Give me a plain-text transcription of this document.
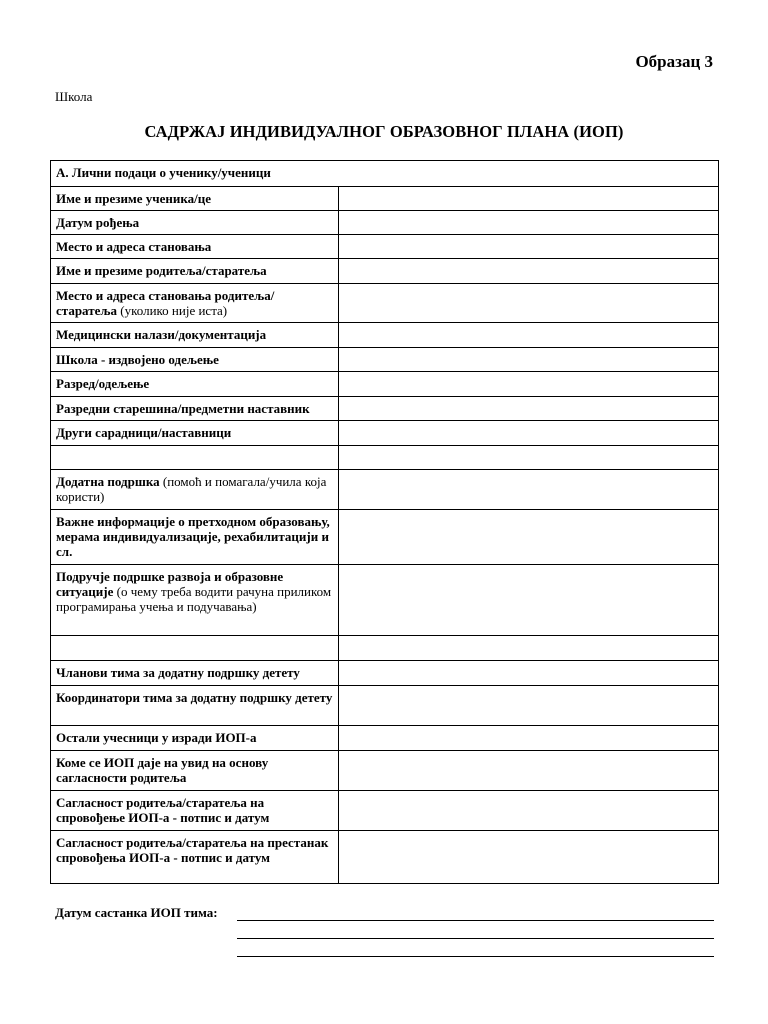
Образац 3
Школа
САДРЖАЈ ИНДИВИДУАЛНОГ ОБРАЗОВНОГ ПЛАНА (ИОП)
А. Лични подаци о ученику/ученици	
Име и презиме ученика/це	
Датум рођења	
Место и адреса становања	
Име и презиме родитеља/старатеља	
Место и адреса становања родитеља/старатеља (уколико није иста)	
Медицински налази/документација	
Школа - издвојено одељење	
Разред/одељење	
Разредни старешина/предметни наставник	
Други сарадници/наставници	

Додатна подршка (помоћ и помагала/учила која користи)	
Важне информације о претходном образовању, мерама индивидуализације, рехабилитацији и сл.	
Подручје подршке развоја и образовне ситуације (о чему треба водити рачуна приликом програмирања учења и подучавања)	

Чланови тима за додатну подршку детету	
Координатори тима за додатну подршку детету	
Остали учесници у изради ИОП-а	
Коме се ИОП даје на увид на основу сагласности родитеља	
Сагласност родитеља/старатеља на спровођење ИОП-а - потпис и датум	
Сагласност родитеља/старатеља на престанак спровођења ИОП-а - потпис и датум	
Датум састанка ИОП тима:
